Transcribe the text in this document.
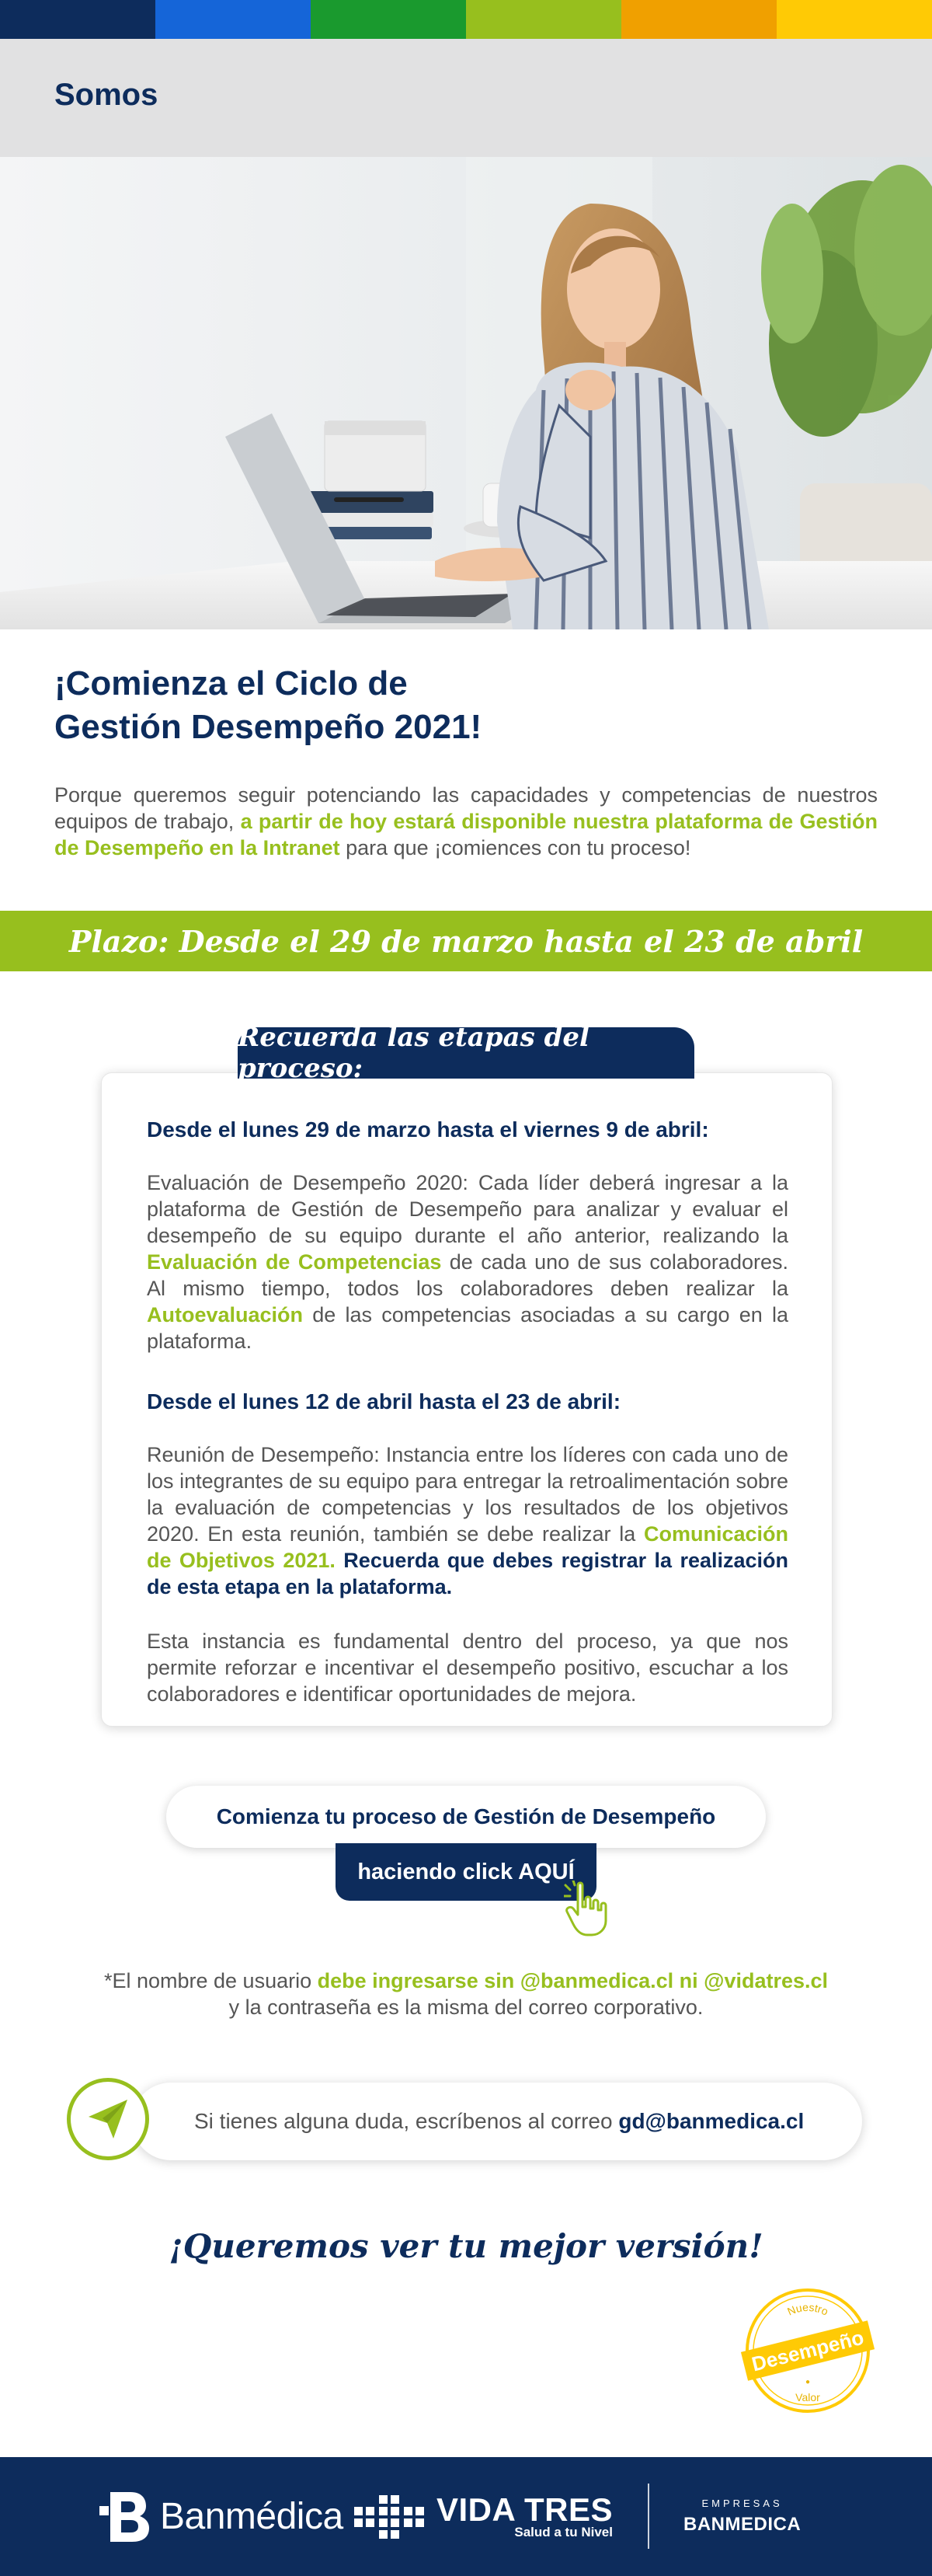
Somos
¡Comienza el Ciclo de
Gestión Desempeño 2021!

Porque queremos seguir potenciando las capacidades y competencias de nuestros equipos de trabajo, a partir de hoy estará disponible nuestra plataforma de Gestión de Desempeño en la Intranet para que ¡comiences con tu proceso!

Plazo: Desde el 29 de marzo hasta el 23 de abril
Recuerda las etapas del proceso:
Desde el lunes 29 de marzo hasta el viernes 9 de abril:

Evaluación de Desempeño 2020: Cada líder deberá ingresar a la plataforma de Gestión de Desempeño para analizar y evaluar el desempeño de su equipo durante el año anterior, realizando la Evaluación de Competencias de cada uno de sus colaboradores. Al mismo tiempo, todos los colaboradores deben realizar la Autoevaluación de las competencias asociadas a su cargo en la plataforma.

Desde el lunes 12 de abril hasta el 23 de abril:

Reunión de Desempeño: Instancia entre los líderes con cada uno de los integrantes de su equipo para entregar la retroalimentación sobre la evaluación de competencias y los resultados de los objetivos 2020. En esta reunión, también se debe realizar la Comunicación de Objetivos 2021. Recuerda que debes registrar la realización de esta etapa en la plataforma.

Esta instancia es fundamental dentro del proceso, ya que nos permite reforzar e incentivar el desempeño positivo, escuchar a los colaboradores e identificar oportunidades de mejora.

Comienza tu proceso de Gestión de Desempeño
haciendo click AQUÍ
*El nombre de usuario debe ingresarse sin @banmedica.cl ni @vidatres.cl
y la contraseña es la misma del correo corporativo.
Si tienes alguna duda, escríbenos al correo gd@banmedica.cl
¡Queremos ver tu mejor versión!
Nuestro
Desempeño
●
Valor
Banmédica	VIDA TRES
Salud a tu Nivel
EMPRESAS
BANMEDICA
